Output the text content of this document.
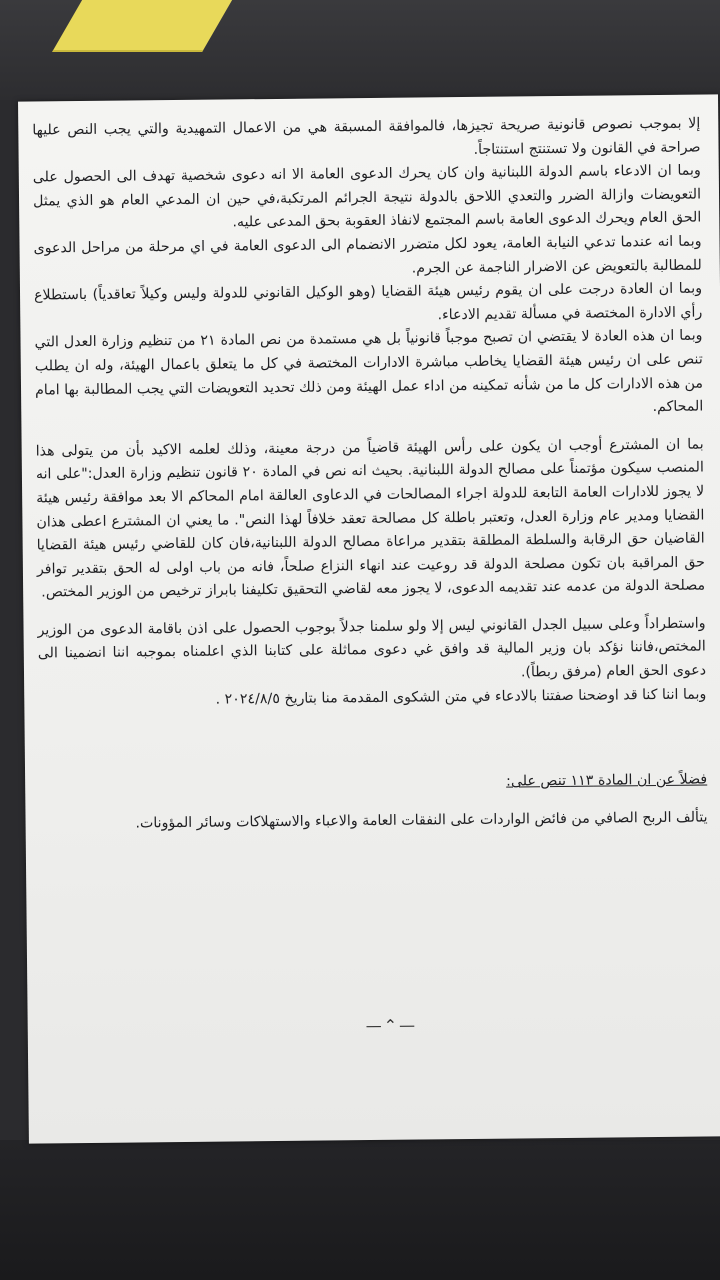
إلا بموجب نصوص قانونية صريحة تجيزها، فالموافقة المسبقة هي من الاعمال التمهيدية والتي يجب النص عليها صراحة في القانون ولا تستنتج استنتاجاً.

وبما ان الادعاء باسم الدولة اللبنانية وان كان يحرك الدعوى العامة الا انه دعوى شخصية تهدف الى الحصول على التعويضات وازالة الضرر والتعدي اللاحق بالدولة نتيجة الجرائم المرتكبة،في حين ان المدعي العام هو الذي يمثل الحق العام ويحرك الدعوى العامة باسم المجتمع لانفاذ العقوبة بحق المدعى عليه.

وبما انه عندما تدعي النيابة العامة، يعود لكل متضرر الانضمام الى الدعوى العامة في اي مرحلة من مراحل الدعوى للمطالبة بالتعويض عن الاضرار الناجمة عن الجرم.

وبما ان العادة درجت على ان يقوم رئيس هيئة القضايا (وهو الوكيل القانوني للدولة وليس وكيلاً تعاقدياً) باستطلاع رأي الادارة المختصة في مسألة تقديم الادعاء.

وبما ان هذه العادة لا يقتضي ان تصبح موجباً قانونياً بل هي مستمدة من نص المادة ٢١ من تنظيم وزارة العدل التي تنص على ان رئيس هيئة القضايا يخاطب مباشرة الادارات المختصة في كل ما يتعلق باعمال الهيئة، وله ان يطلب من هذه الادارات كل ما من شأنه تمكينه من اداء عمل الهيئة ومن ذلك تحديد التعويضات التي يجب المطالبة بها امام المحاكم.

بما ان المشترع أوجب ان يكون على رأس الهيئة قاضياً من درجة معينة، وذلك لعلمه الاكيد بأن من يتولى هذا المنصب سيكون مؤتمناً على مصالح الدولة اللبنانية. بحيث انه نص في المادة ٢٠ قانون تنظيم وزارة العدل:"على انه لا يجوز للادارات العامة التابعة للدولة اجراء المصالحات في الدعاوى العالقة امام المحاكم الا بعد موافقة رئيس هيئة القضايا ومدير عام وزارة العدل، وتعتبر باطلة كل مصالحة تعقد خلافاً لهذا النص". ما يعني ان المشترع اعطى هذان القاضيان حق الرقابة والسلطة المطلقة بتقدير مراعاة مصالح الدولة اللبنانية،فان كان للقاضي رئيس هيئة القضايا حق المراقبة بان تكون مصلحة الدولة قد روعيت عند انهاء النزاع صلحاً، فانه من باب اولى له الحق بتقدير توافر مصلحة الدولة من عدمه عند تقديمه الدعوى، لا يجوز معه لقاضي التحقيق تكليفنا بابراز ترخيص من الوزير المختص.

واستطراداً وعلى سبيل الجدل القانوني ليس إلا ولو سلمنا جدلاً بوجوب الحصول على اذن باقامة الدعوى من الوزير المختص،فاننا نؤكد بان وزير المالية قد وافق غي دعوى مماثلة على كتابنا الذي اعلمناه بموجبه اننا انضمينا الى دعوى الحق العام (مرفق ربطاً).

وبما اننا كنا قد اوضحنا صفتنا بالادعاء في متن الشكوى المقدمة منا بتاريخ ٢٠٢٤/٨/٥ .

فضلاً عن ان المادة ١١٣ تنص على:

يتألف الربح الصافي من فائض الواردات على النفقات العامة والاعباء والاستهلاكات وسائر المؤونات.

—⌃—
